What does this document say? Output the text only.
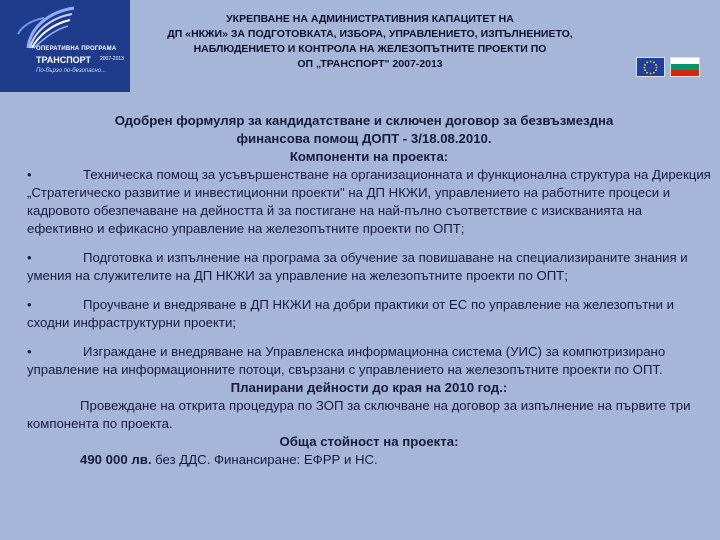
ОПЕРАТИВНА ПРОГРАМА
ТРАНСПОРТ 2007-2013
По-бързо по-безопасно...
УКРЕПВАНЕ НА АДМИНИСТРАТИВНИЯ КАПАЦИТЕТ НА
ДП «НКЖИ» ЗА ПОДГОТОВКАТА, ИЗБОРА, УПРАВЛЕНИЕТО, ИЗПЪЛНЕНИЕТО,
НАБЛЮДЕНИЕТО И КОНТРОЛА НА ЖЕЛЕЗОПЪТНИТЕ ПРОЕКТИ ПО
ОП „ТРАНСПОРТ" 2007-2013
Одобрен формуляр за кандидатстване и сключен договор за безвъзмездна
финансова помощ ДОПТ - 3/18.08.2010.
Компоненти на проекта:
•	Техническа помощ за усъвършенстване на организационната и функционална структура на Дирекция „Стратегическо развитие и инвестиционни проекти" на ДП НКЖИ, управлението на работните процеси и кадровото обезпечаване на дейността й за постигане на най-пълно съответствие с изискванията на ефективно и ефикасно управление на железопътните проекти по ОПТ;
•	Подготовка и изпълнение на програма за обучение за повишаване на специализираните знания и умения на служителите на ДП НКЖИ за управление на железопътните проекти по ОПТ;
•	Проучване и внедряване в ДП НКЖИ на добри практики от ЕС по управление на железопътни и сходни инфраструктурни проекти;
•	Изграждане и внедряване на Управленска информационна система (УИС) за компютризирано управление на информационните потоци, свързани с управлението на железопътните проекти по ОПТ.
Планирани дейности до края на 2010 год.:
Провеждане на открита процедура по ЗОП за сключване на договор за изпълнение на първите три компонента по проекта.
Обща стойност на проекта:
490 000 лв. без ДДС. Финансиране: ЕФРР и НС.
